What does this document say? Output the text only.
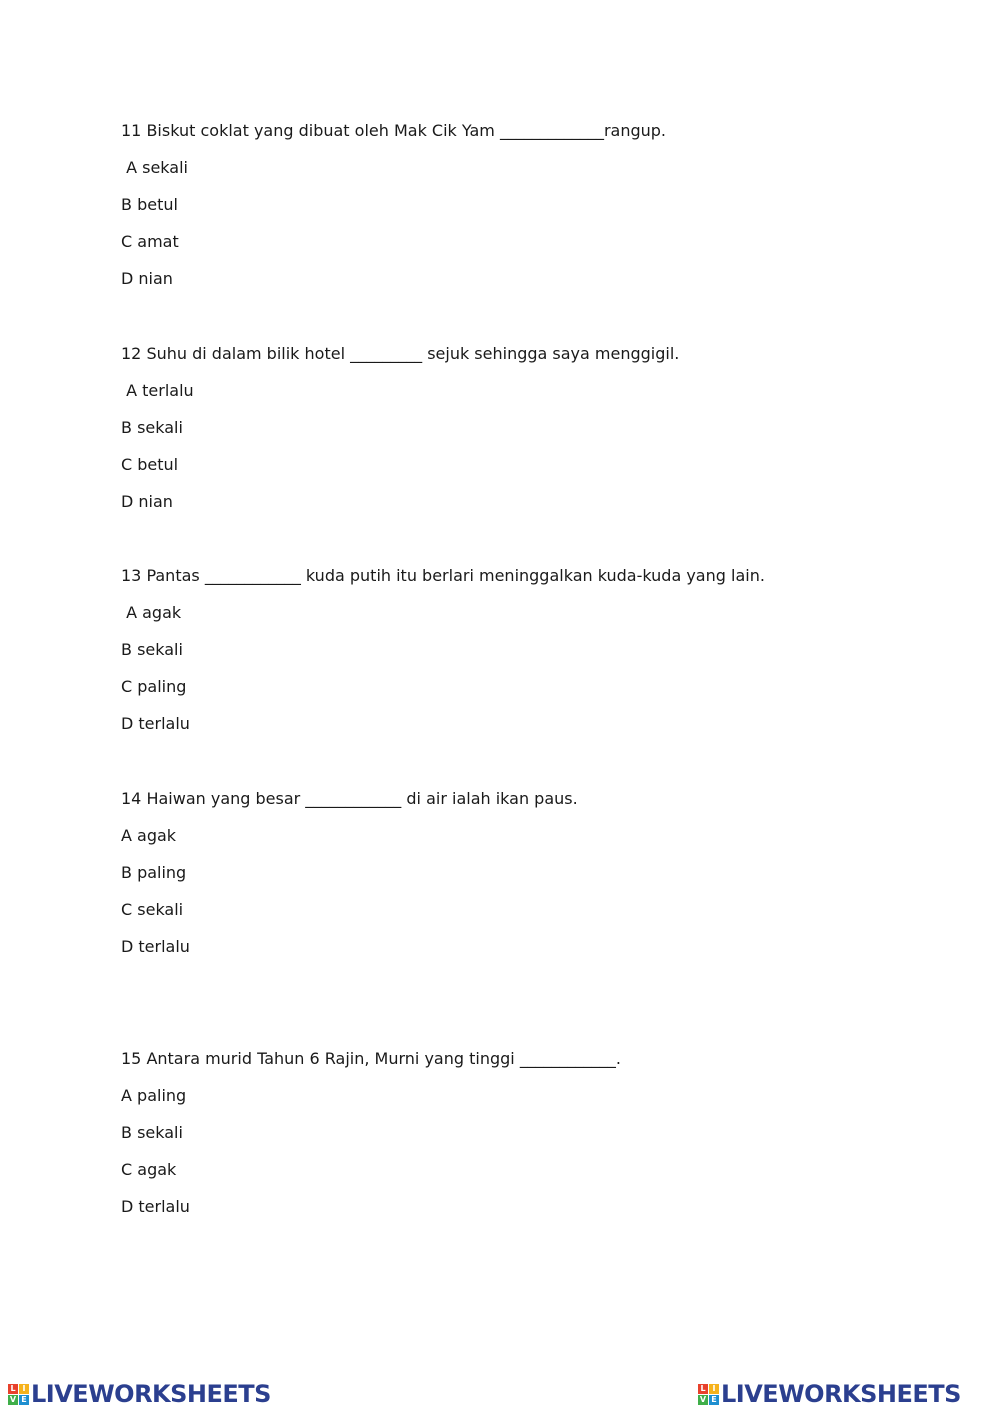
11 Biskut coklat yang dibuat oleh Mak Cik Yam _____________rangup.
A sekali
B betul
C amat
D nian
12 Suhu di dalam bilik hotel _________ sejuk sehingga saya menggigil.
A terlalu
B sekali
C betul
D nian
13 Pantas ____________ kuda putih itu berlari meninggalkan kuda-kuda yang lain.
A agak
B sekali
C paling
D terlalu
14 Haiwan yang besar ____________ di air ialah ikan paus.
A agak
B paling
C sekali
D terlalu
15 Antara murid Tahun 6 Rajin, Murni yang tinggi ____________.
A paling
B sekali
C agak
D terlalu
L I
V E LIVEWORKSHEETS	L I
V E LIVEWORKSHEETS
